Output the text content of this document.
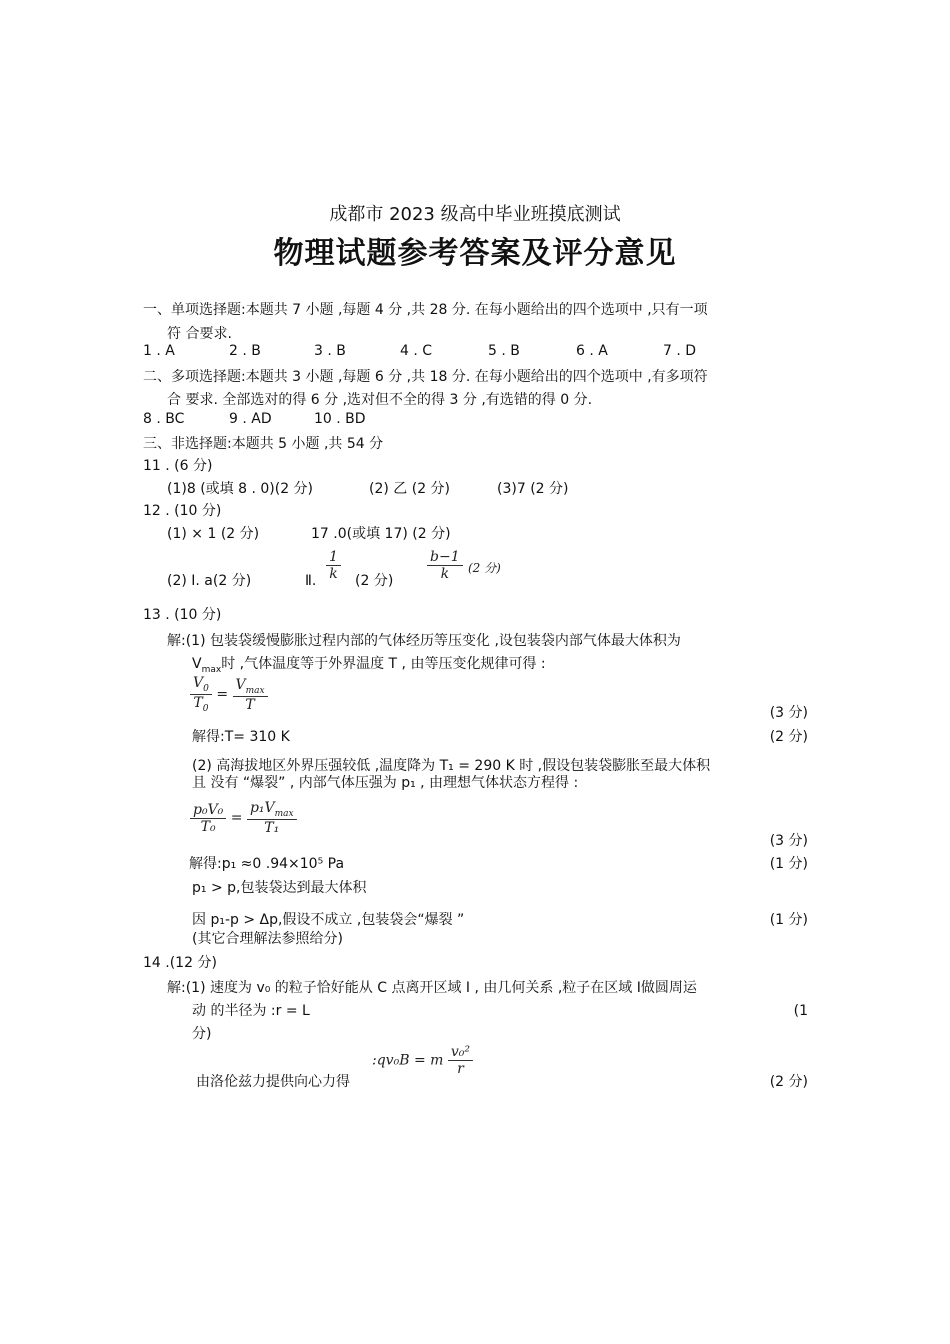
成都市 2023 级高中毕业班摸底测试
物理试题参考答案及评分意见
一、单项选择题:本题共 7 小题 ,每题 4 分 ,共 28 分. 在每小题给出的四个选项中 ,只有一项
符 合要求.
1 . A	2 . B	3 . B	4 . C	5 . B	6 . A	7 . D
二、多项选择题:本题共 3 小题 ,每题 6 分 ,共 18 分. 在每小题给出的四个选项中 ,有多项符
合 要求. 全部选对的得 6 分 ,选对但不全的得 3 分 ,有选错的得 0 分.
8 . BC	9 . AD	10 . BD
三、非选择题:本题共 5 小题 ,共 54 分
11 . (6 分)
(1)8 (或填 8 . 0)(2 分)	(2) 乙 (2 分)	(3)7 (2 分)
12 . (10 分)
(1) × 1 (2 分)	17 .0(或填 17) (2 分)
(2) Ⅰ. a(2 分)	Ⅱ. $\frac{1}{k} (2$ 分) $\frac{b-1}{k} (2$ 分)
13 . (10 分)
解:(1) 包装袋缓慢膨胀过程内部的气体经历等压变化 ,设包装袋内部气体最大体积为
$V_{max}$时 ,气体温度等于外界温度 T , 由等压变化规律可得 :
$\frac{V_0}{T_0} = \frac{V_{max}}{T}$
(3 分)
解得:T= 310 K	(2 分)
(2) 高海拔地区外界压强较低 ,温度降为 T₁ = 290 K 时 ,假设包装袋膨胀至最大体积
且 没有 “爆裂” , 内部气体压强为 p₁ , 由理想气体状态方程得 :
$\frac{\text{p₀V₀}}{\text{T₀}} = \frac{p_1V_{max}}{\text{T₁}}$
(3 分)
解得:p₁ ≈0 .94×10⁵ Pa	(1 分)
p₁ > p,包装袋达到最大体积
因 p₁-p > Δp,假设不成立 ,包装袋会“爆裂 ”	(1 分)
(其它合理解法参照给分)
14 .(12 分)
解:(1) 速度为 v₀ 的粒子恰好能从 C 点离开区域 Ⅰ , 由几何关系 ,粒子在区域 Ⅰ做圆周运
动 的半径为 :r = L	(1
分)
由洛伦兹力提供向心力得
:qv₀B = m $\frac{\text{v₀²}}{r}$
(2 分)
